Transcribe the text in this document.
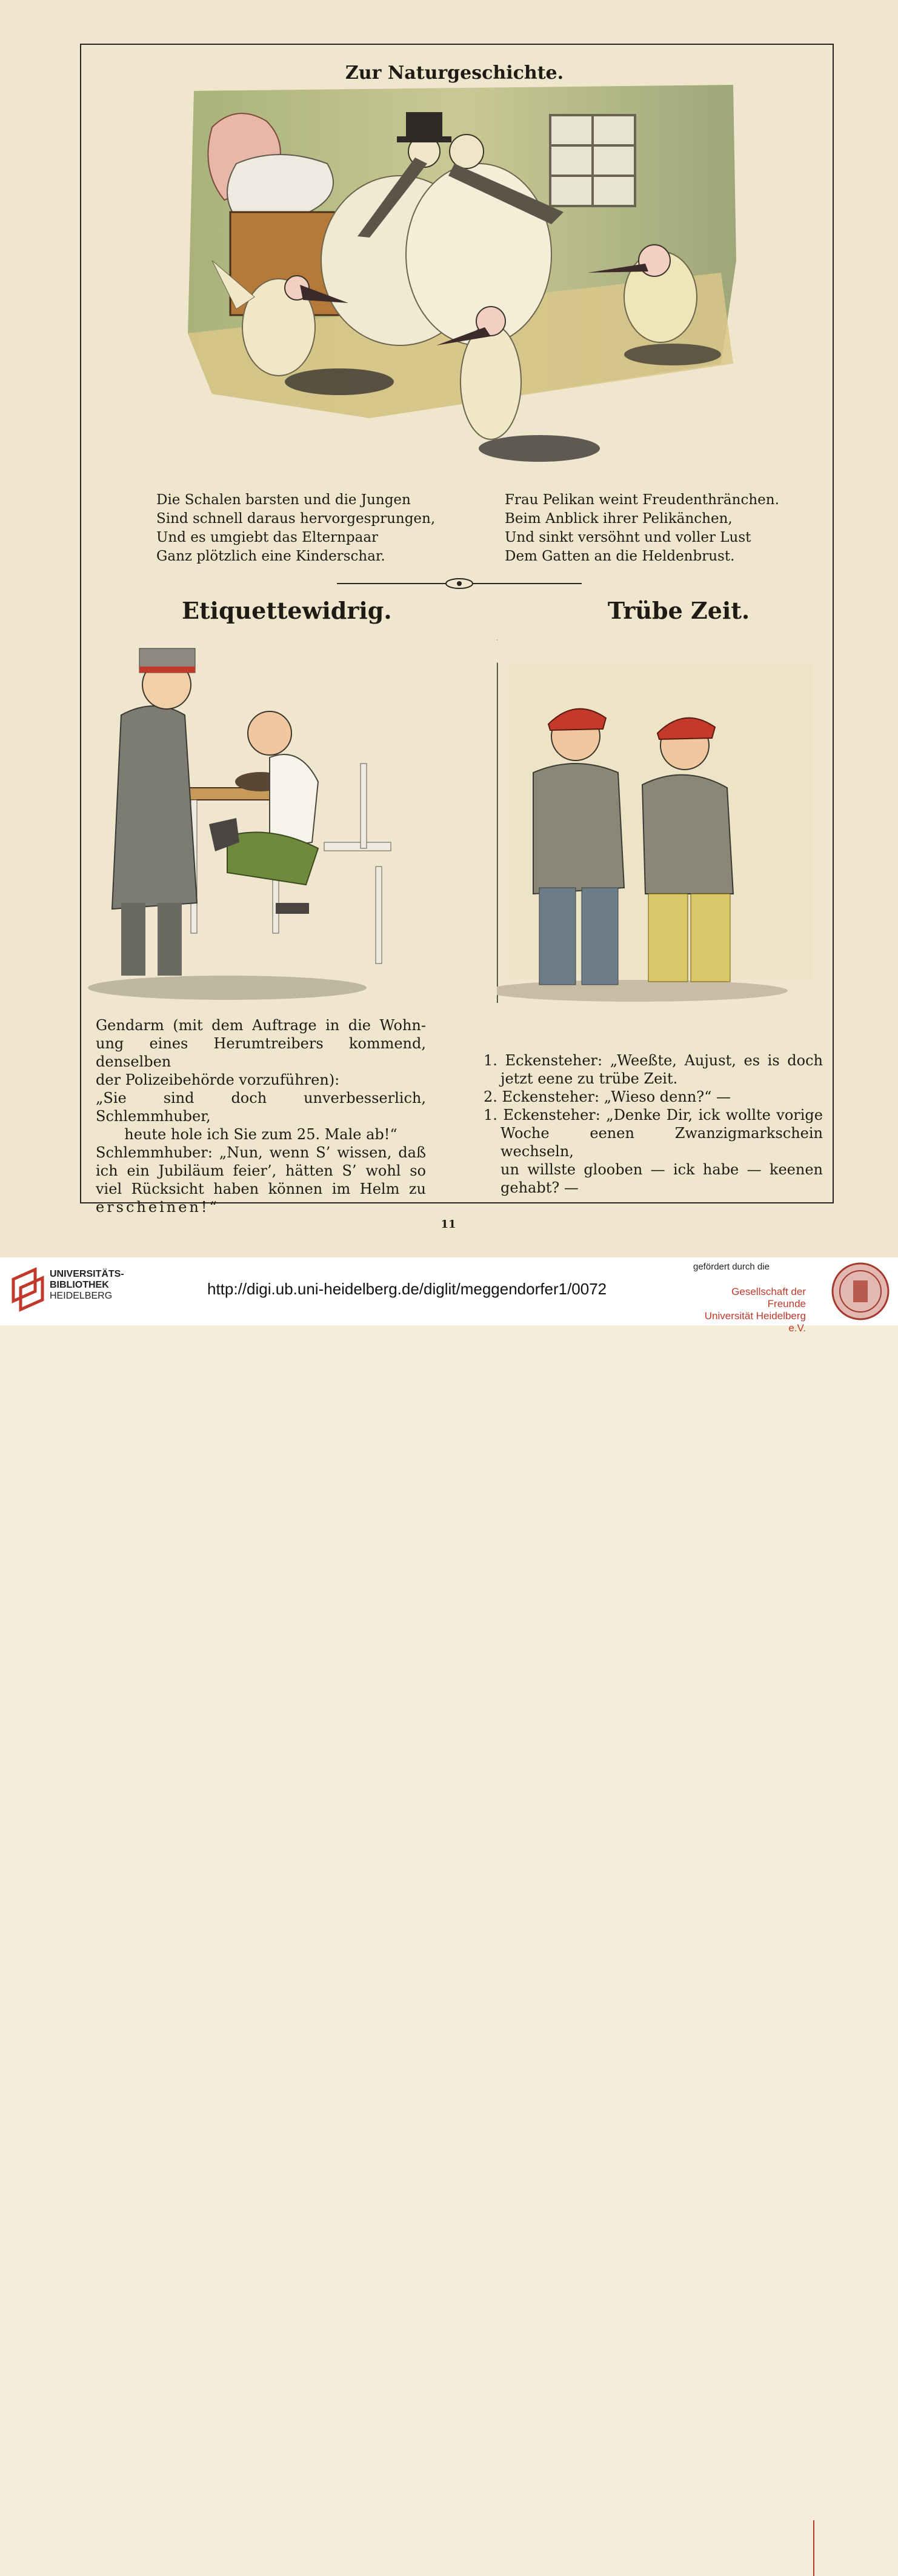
Zur Naturgeschichte.
Die Schalen barsten und die Jungen
Sind schnell daraus hervorgesprungen,
Und es umgiebt das Elternpaar
Ganz plötzlich eine Kinderschar.
Frau Pelikan weint Freudenthränchen.
Beim Anblick ihrer Pelikänchen,
Und sinkt versöhnt und voller Lust
Dem Gatten an die Heldenbrust.
Etiquettewidrig.	Trübe Zeit.
Gendarm (mit dem Auftrage in die Wohn-
ung eines Herumtreibers kommend, denselben
der Polizeibehörde vorzuführen):
„Sie sind doch unverbesserlich, Schlemmhuber,
heute hole ich Sie zum 25. Male ab!“
Schlemmhuber: „Nun, wenn S’ wissen, daß
ich ein Jubiläum feier’, hätten S’ wohl so
viel Rücksicht haben können im Helm zu
erscheinen!“
1. Eckensteher: „Weeßte, Aujust, es is doch
jetzt eene zu trübe Zeit.
2. Eckensteher: „Wieso denn?“ —
1. Eckensteher: „Denke Dir, ick wollte vorige
Woche eenen Zwanzigmarkschein wechseln,
un willste glooben — ick habe — keenen
gehabt? —
11
UNIVERSITÄTS-
BIBLIOTHEK
HEIDELBERG	http://digi.ub.uni-heidelberg.de/diglit/meggendorfer1/0072
gefördert durch die
Gesellschaft der Freunde
Universität Heidelberg e.V.
